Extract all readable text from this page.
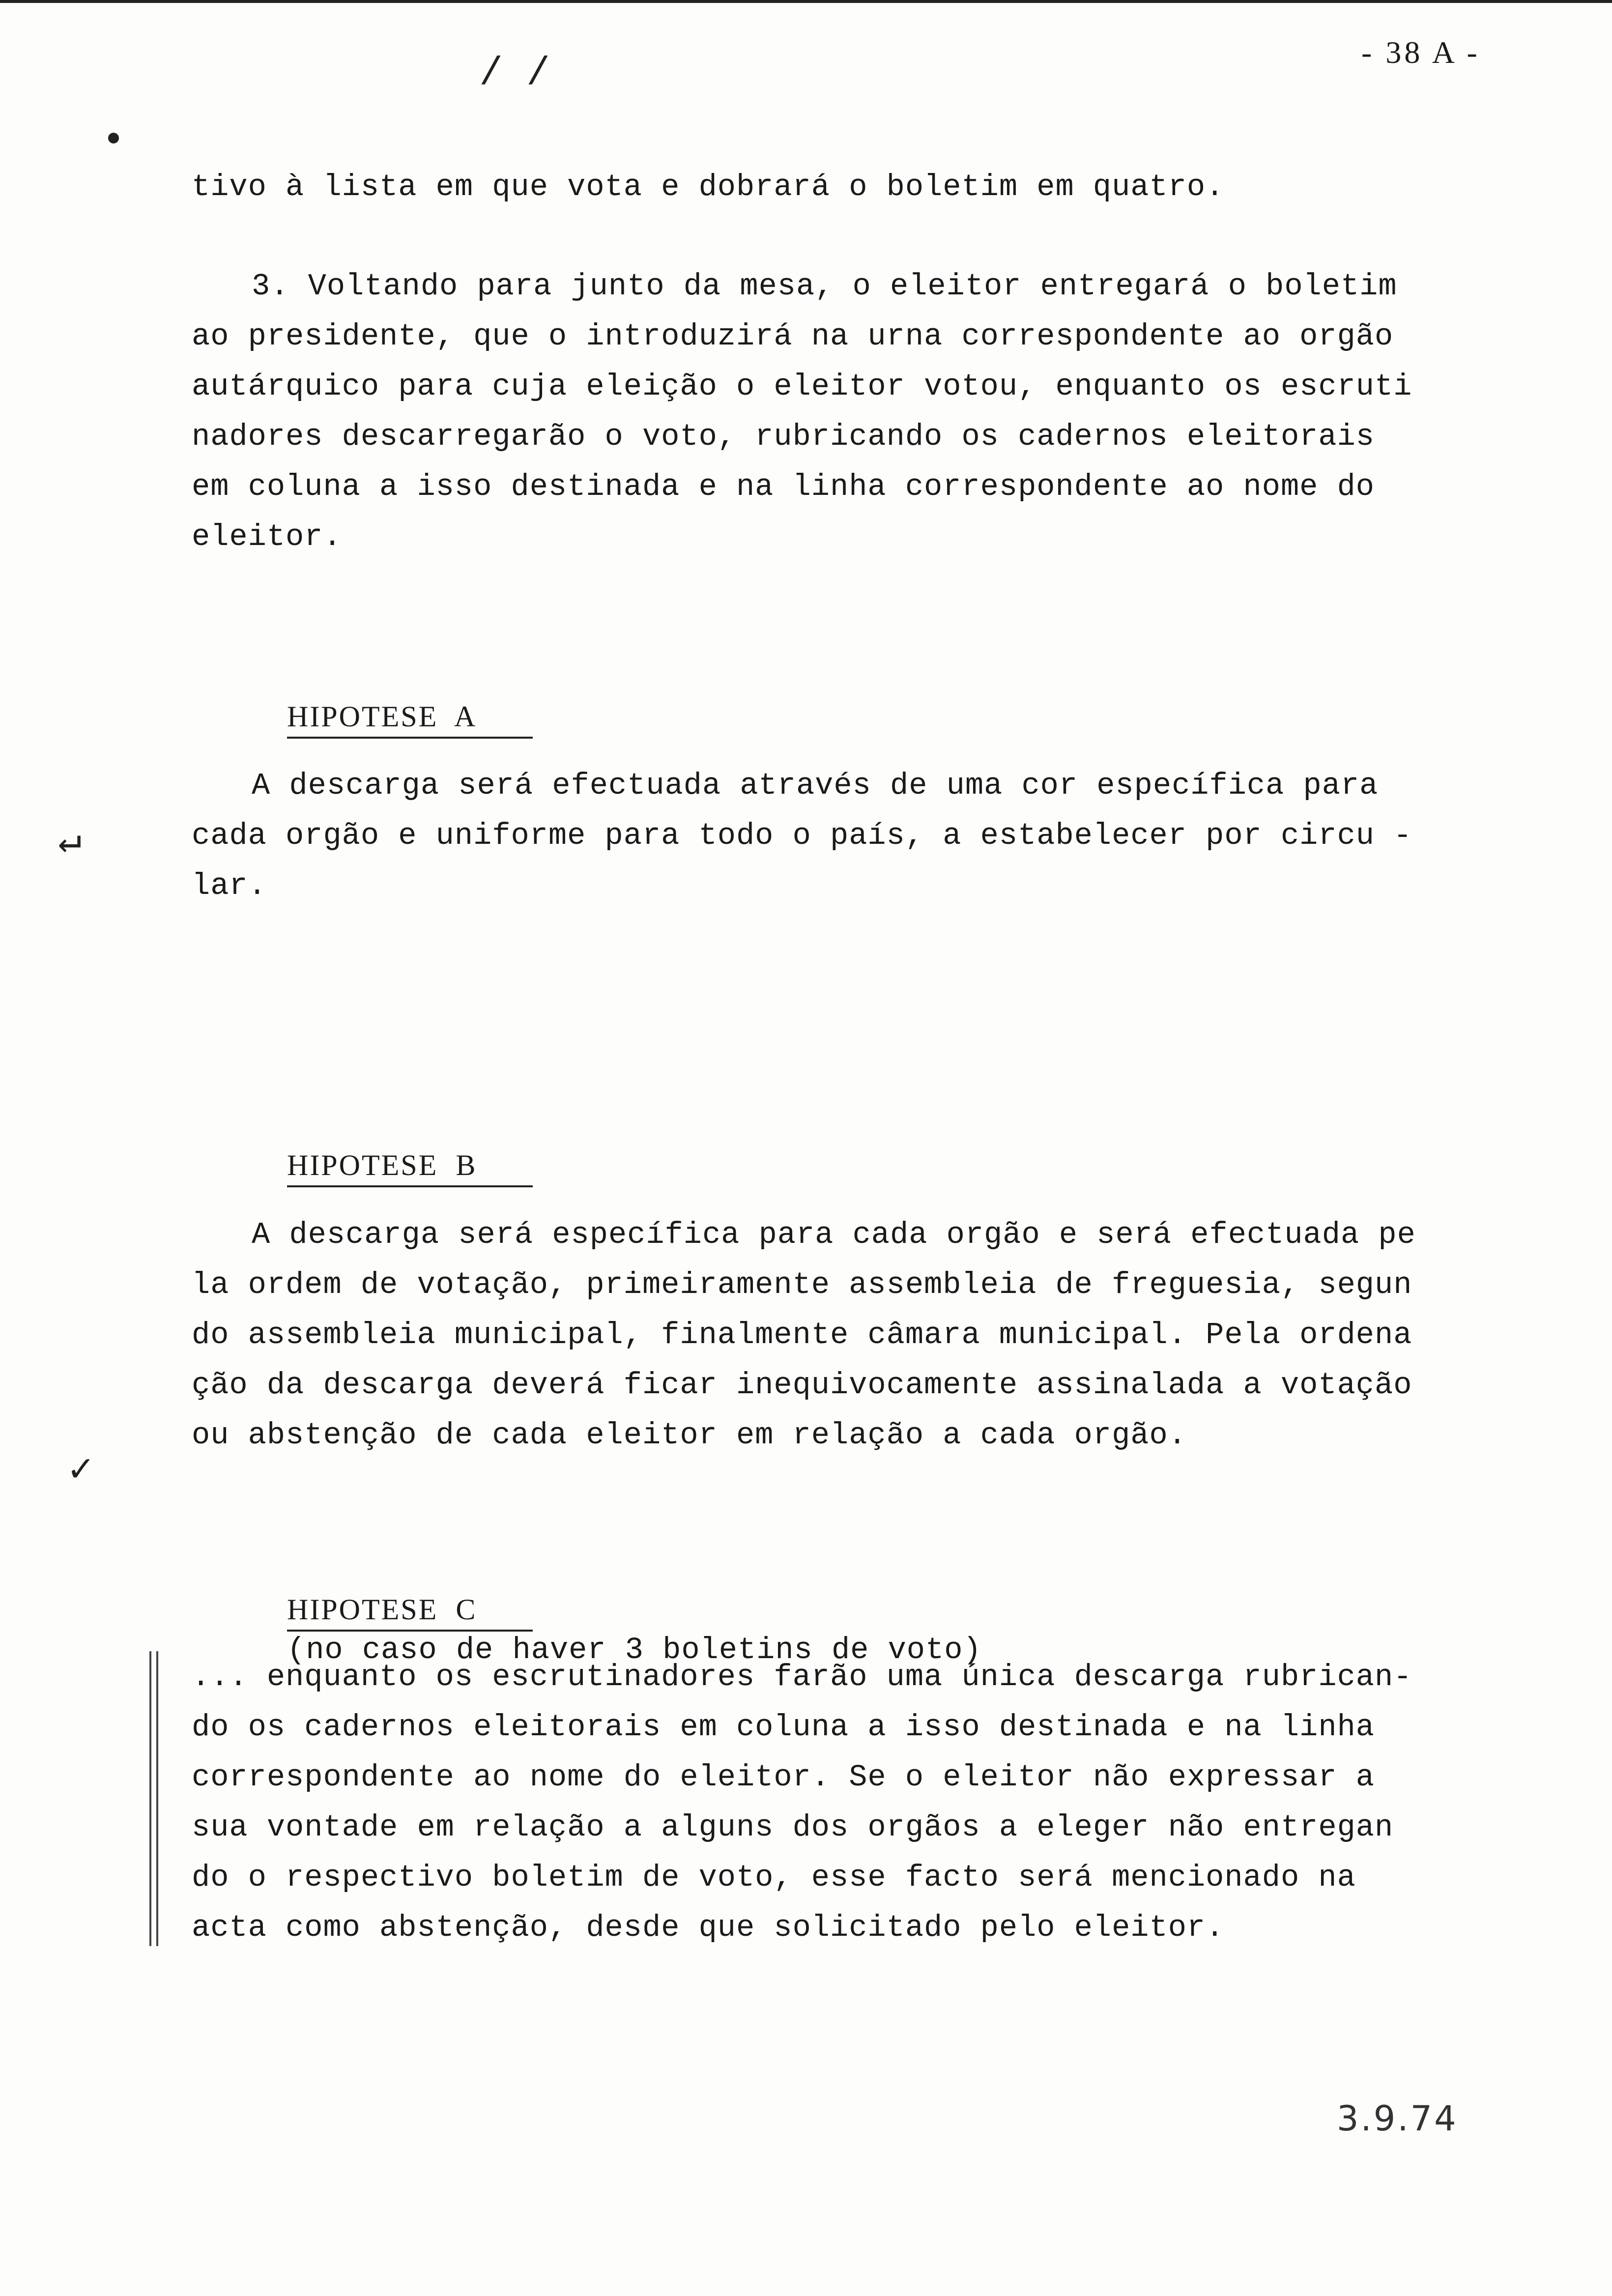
/ /	- 38 A -
tivo à lista em que vota e dobrará o boletim em quatro.
3. Voltando para junto da mesa, o eleitor entregará o boletim
ao presidente, que o introduzirá na urna correspondente ao orgão
autárquico para cuja eleição o eleitor votou, enquanto os escruti
nadores descarregarão o voto, rubricando os cadernos eleitorais
em coluna a isso destinada e na linha correspondente ao nome do
eleitor.

HIPOTESE  A

↵
A descarga será efectuada através de uma cor específica para
cada orgão e uniforme para todo o país, a estabelecer por circu -
lar.

HIPOTESE  B

A descarga será específica para cada orgão e será efectuada pe
la ordem de votação, primeiramente assembleia de freguesia, segun
do assembleia municipal, finalmente câmara municipal. Pela ordena
ção da descarga deverá ficar inequivocamente assinalada a votação
ou abstenção de cada eleitor em relação a cada orgão.
✓

HIPOTESE  C
(no caso de haver 3 boletins de voto)

... enquanto os escrutinadores farão uma única descarga rubrican-
do os cadernos eleitorais em coluna a isso destinada e na linha
correspondente ao nome do eleitor. Se o eleitor não expressar a
sua vontade em relação a alguns dos orgãos a eleger não entregan
do o respectivo boletim de voto, esse facto será mencionado na
acta como abstenção, desde que solicitado pelo eleitor.
3.9.74
